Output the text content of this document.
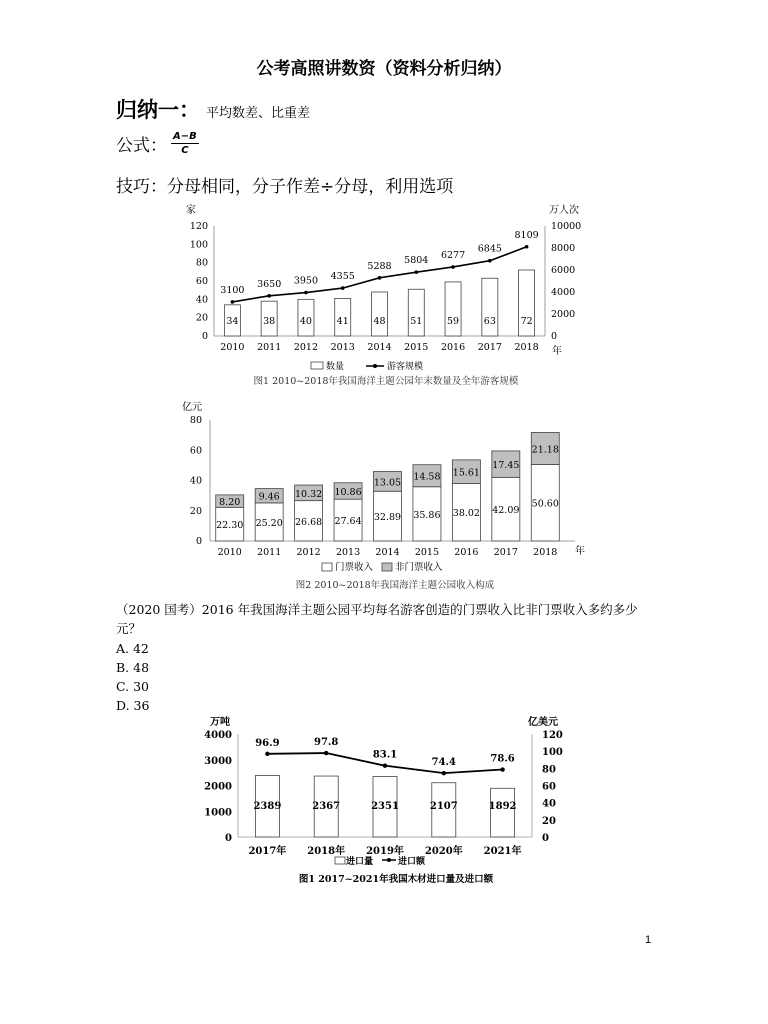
公考高照讲数资（资料分析归纳）
归纳一： 平均数差、比重差
公式： $\frac{A-B}{C}$
技巧：分母相同，分子作差÷分母，利用选项
家	万人次
年
0
20
40
60
80
100
120
0
2000
4000
6000
8000
10000
2010 2011 2012 2013 2014 2015 2016 2017 2018
34	38	40	41	48	51	59	63	72
3100
3650 3950 4355
5288
5804 6277
6845
8109
数量	游客规模
图1 2010~2018年我国海洋主题公园年末数量及全年游客规模
亿元
年
0
20
40
60
80
2010 2011 2012 2013 2014 2015 2016 2017 2018
22.30
8.20
25.20
9.46
26.68
10.32
27.64
10.86
32.89
13.05
35.86
14.58
38.02
15.61
42.09
17.45
50.60
21.18
门票收入 非门票收入
图2 2010~2018年我国海洋主题公园收入构成
（2020 国考）2016 年我国海洋主题公园平均每名游客创造的门票收入比非门票收入多约多少元？
A. 42
B. 48
C. 30
D. 36
万吨	亿美元
0
1000
2000
3000
4000
0
20
40
60
80
100
120
2017年 2018年 2019年 2020年 2021年
2389	2367	2351	2107	1892
96.9	97.8
83.1
74.4	78.6
进口量	进口额
图1 2017~2021年我国木材进口量及进口额
1
